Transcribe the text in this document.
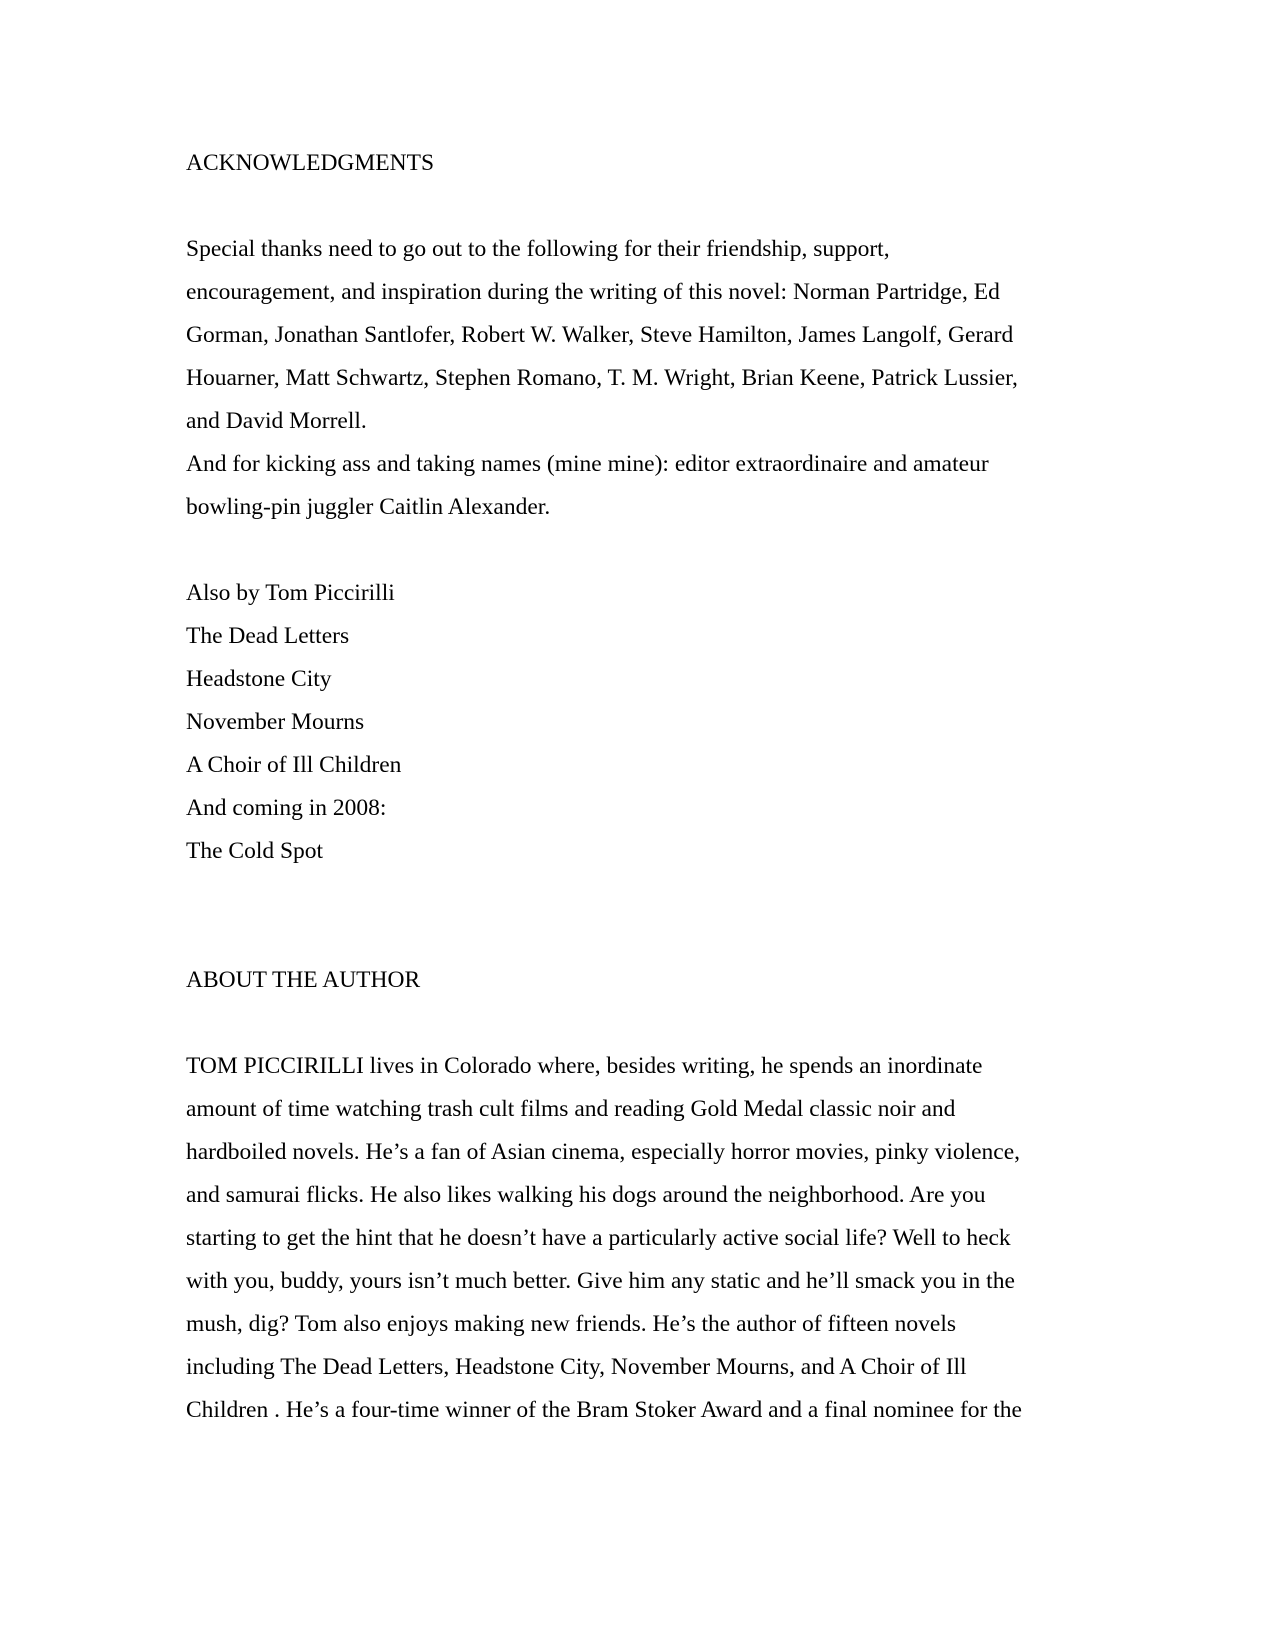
ACKNOWLEDGMENTS
Special thanks need to go out to the following for their friendship, support,
encouragement, and inspiration during the writing of this novel: Norman Partridge, Ed
Gorman, Jonathan Santlofer, Robert W. Walker, Steve Hamilton, James Langolf, Gerard
Houarner, Matt Schwartz, Stephen Romano, T. M. Wright, Brian Keene, Patrick Lussier,
and David Morrell.
And for kicking ass and taking names (mine mine): editor extraordinaire and amateur
bowling-pin juggler Caitlin Alexander.
Also by Tom Piccirilli
The Dead Letters
Headstone City
November Mourns
A Choir of Ill Children
And coming in 2008:
The Cold Spot
ABOUT THE AUTHOR
TOM PICCIRILLI lives in Colorado where, besides writing, he spends an inordinate
amount of time watching trash cult films and reading Gold Medal classic noir and
hardboiled novels. He’s a fan of Asian cinema, especially horror movies, pinky violence,
and samurai flicks. He also likes walking his dogs around the neighborhood. Are you
starting to get the hint that he doesn’t have a particularly active social life? Well to heck
with you, buddy, yours isn’t much better. Give him any static and he’ll smack you in the
mush, dig? Tom also enjoys making new friends. He’s the author of fifteen novels
including The Dead Letters, Headstone City, November Mourns, and A Choir of Ill
Children . He’s a four-time winner of the Bram Stoker Award and a final nominee for the
